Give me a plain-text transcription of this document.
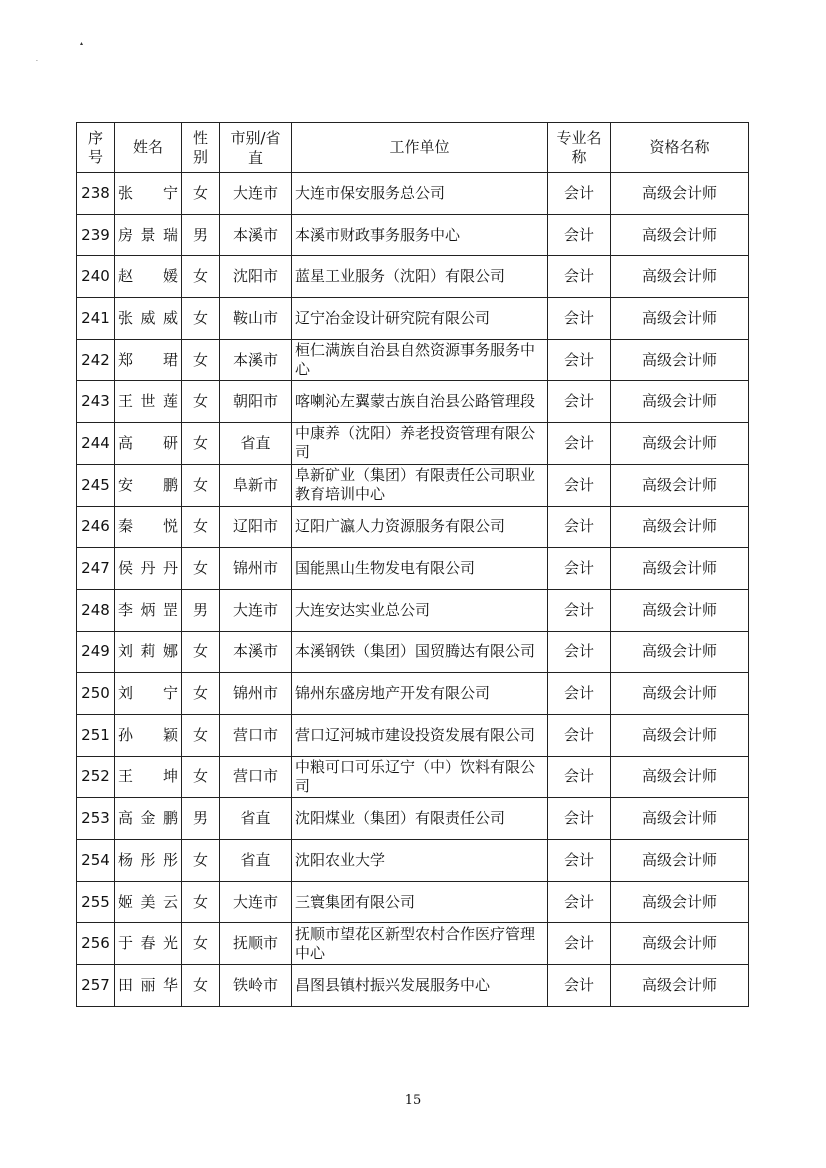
▴
·
序号	姓名	性别	市别/省直	工作单位	专业名称	资格名称
238	张宁	女	大连市	大连市保安服务总公司	会计	高级会计师
239	房景瑞	男	本溪市	本溪市财政事务服务中心	会计	高级会计师
240	赵媛	女	沈阳市	蓝星工业服务（沈阳）有限公司	会计	高级会计师
241	张威威	女	鞍山市	辽宁冶金设计研究院有限公司	会计	高级会计师
242	郑珺	女	本溪市	桓仁满族自治县自然资源事务服务中心	会计	高级会计师
243	王世莲	女	朝阳市	喀喇沁左翼蒙古族自治县公路管理段	会计	高级会计师
244	高研	女	省直	中康养（沈阳）养老投资管理有限公司	会计	高级会计师
245	安鹏	女	阜新市	阜新矿业（集团）有限责任公司职业教育培训中心	会计	高级会计师
246	秦悦	女	辽阳市	辽阳广瀛人力资源服务有限公司	会计	高级会计师
247	侯丹丹	女	锦州市	国能黑山生物发电有限公司	会计	高级会计师
248	李炳罡	男	大连市	大连安达实业总公司	会计	高级会计师
249	刘莉娜	女	本溪市	本溪钢铁（集团）国贸腾达有限公司	会计	高级会计师
250	刘宁	女	锦州市	锦州东盛房地产开发有限公司	会计	高级会计师
251	孙颖	女	营口市	营口辽河城市建设投资发展有限公司	会计	高级会计师
252	王坤	女	营口市	中粮可口可乐辽宁（中）饮料有限公司	会计	高级会计师
253	高金鹏	男	省直	沈阳煤业（集团）有限责任公司	会计	高级会计师
254	杨彤彤	女	省直	沈阳农业大学	会计	高级会计师
255	姬美云	女	大连市	三寰集团有限公司	会计	高级会计师
256	于春光	女	抚顺市	抚顺市望花区新型农村合作医疗管理中心	会计	高级会计师
257	田丽华	女	铁岭市	昌图县镇村振兴发展服务中心	会计	高级会计师
15
